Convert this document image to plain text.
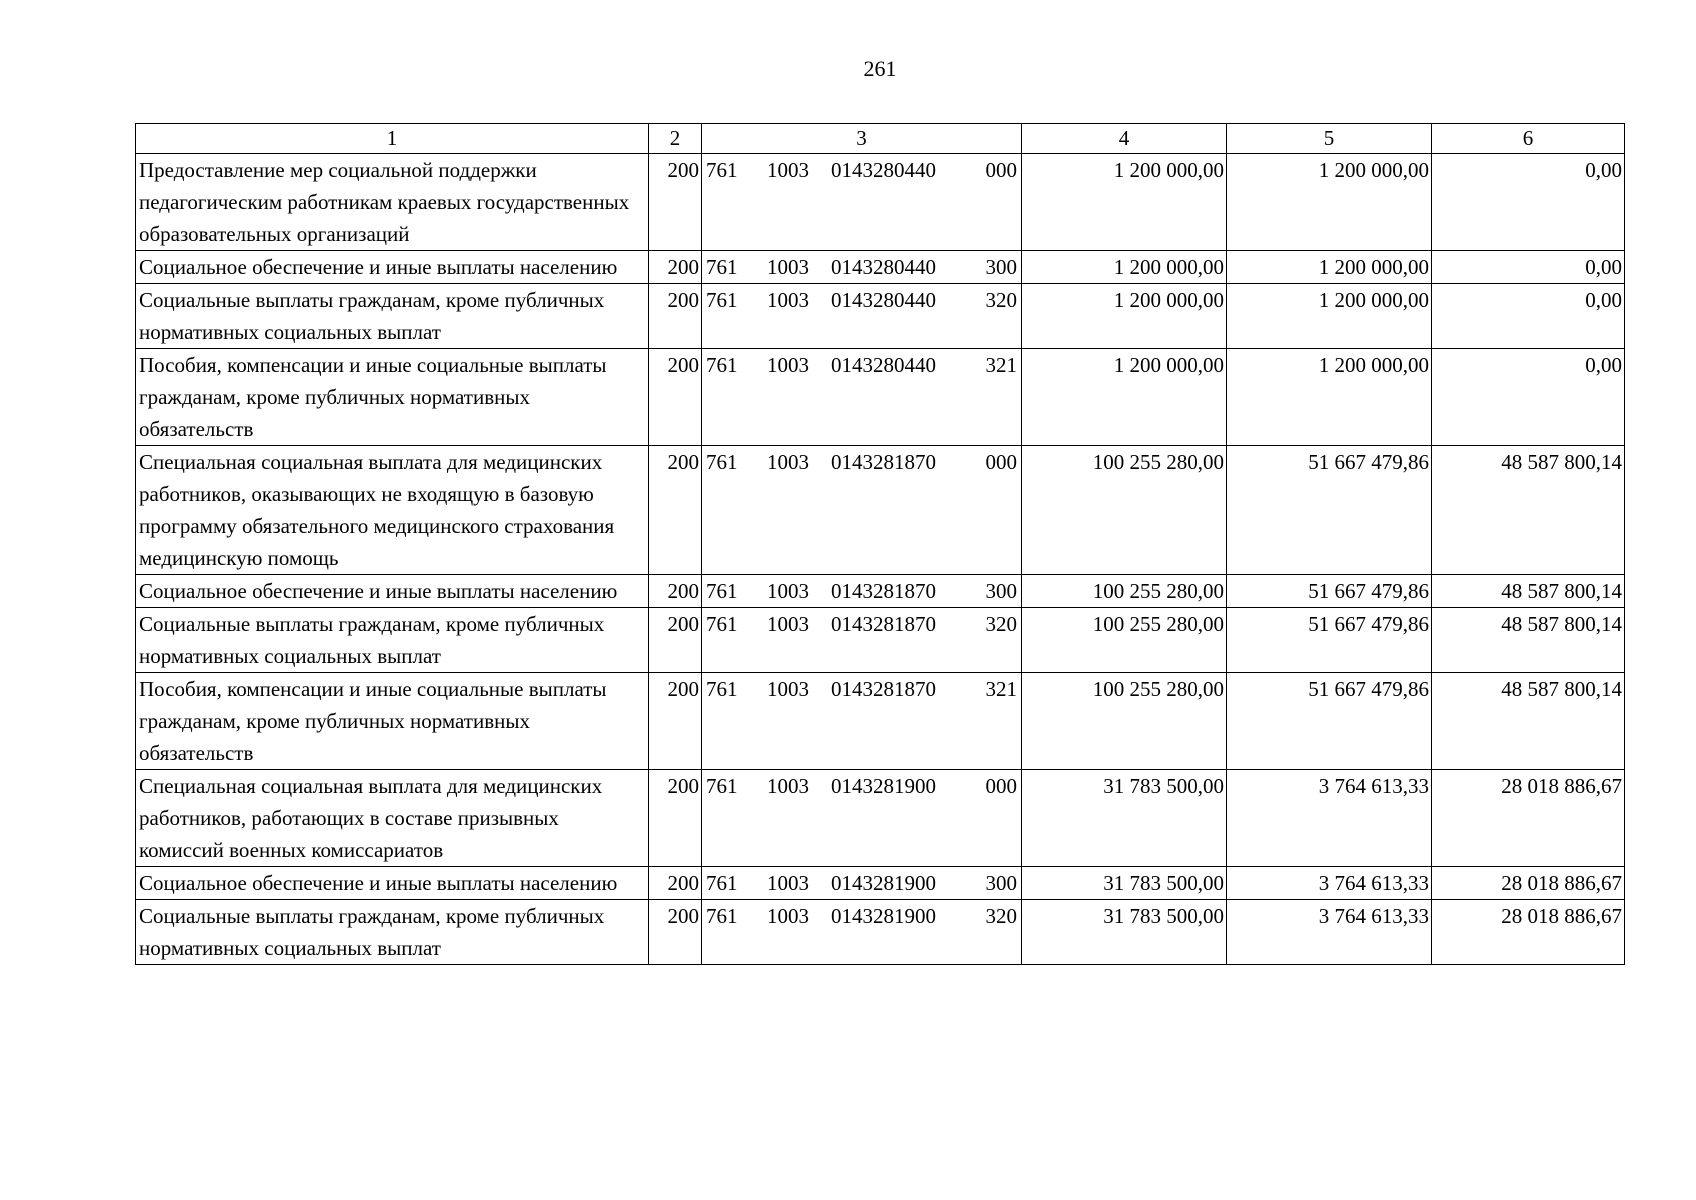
261
1	2	3	4	5	6
Предоставление мер социальной поддержки педагогическим работникам краевых государственных образовательных организаций	200	761 1003 0143280440 000	1 200 000,00	1 200 000,00	0,00
Социальное обеспечение и иные выплаты населению	200	761 1003 0143280440 300	1 200 000,00	1 200 000,00	0,00
Социальные выплаты гражданам, кроме публичных нормативных социальных выплат	200	761 1003 0143280440 320	1 200 000,00	1 200 000,00	0,00
Пособия, компенсации и иные социальные выплаты гражданам, кроме публичных нормативных обязательств	200	761 1003 0143280440 321	1 200 000,00	1 200 000,00	0,00
Специальная социальная выплата для медицинских работников, оказывающих не входящую в базовую программу обязательного медицинского страхования медицинскую помощь	200	761 1003 0143281870 000	100 255 280,00	51 667 479,86	48 587 800,14
Социальное обеспечение и иные выплаты населению	200	761 1003 0143281870 300	100 255 280,00	51 667 479,86	48 587 800,14
Социальные выплаты гражданам, кроме публичных нормативных социальных выплат	200	761 1003 0143281870 320	100 255 280,00	51 667 479,86	48 587 800,14
Пособия, компенсации и иные социальные выплаты гражданам, кроме публичных нормативных обязательств	200	761 1003 0143281870 321	100 255 280,00	51 667 479,86	48 587 800,14
Специальная социальная выплата для медицинских работников, работающих в составе призывных комиссий военных комиссариатов	200	761 1003 0143281900 000	31 783 500,00	3 764 613,33	28 018 886,67
Социальное обеспечение и иные выплаты населению	200	761 1003 0143281900 300	31 783 500,00	3 764 613,33	28 018 886,67
Социальные выплаты гражданам, кроме публичных нормативных социальных выплат	200	761 1003 0143281900 320	31 783 500,00	3 764 613,33	28 018 886,67
